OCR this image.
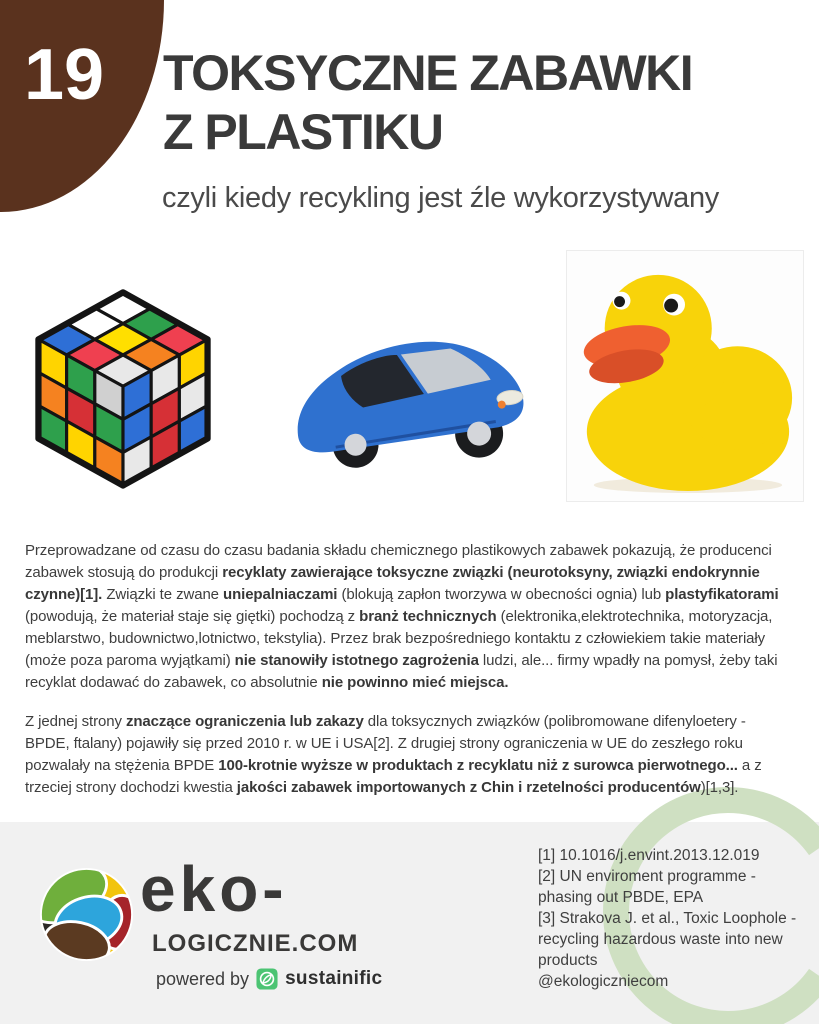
19 TOKSYCZNE ZABAWKI
Z PLASTIKU
czyli kiedy recykling jest źle wykorzystywany

Przeprowadzane od czasu do czasu badania składu chemicznego plastikowych zabawek pokazują, że producenci zabawek stosują do produkcji recyklaty zawierające toksyczne związki (neurotoksyny, związki endokrynnie czynne)[1]. Związki te zwane uniepalniaczami (blokują zapłon tworzywa w obecności ognia) lub plastyfikatorami (powodują, że materiał staje się giętki) pochodzą z branż technicznych (elektronika,elektrotechnika, motoryzacja, meblarstwo, budownictwo,lotnictwo, tekstylia). Przez brak bezpośredniego kontaktu z człowiekiem takie materiały (może poza paroma wyjątkami) nie stanowiły istotnego zagrożenia ludzi, ale... firmy wpadły na pomysł, żeby taki recyklat dodawać do zabawek, co absolutnie nie powinno mieć miejsca.

Z jednej strony znaczące ograniczenia lub zakazy dla toksycznych związków (polibromowane difenyloetery - BPDE, ftalany) pojawiły się przed 2010 r. w UE i USA[2]. Z drugiej strony ograniczenia w UE do zeszłego roku pozwalały na stężenia BPDE 100-krotnie wyższe w produktach z recyklatu niż z surowca pierwotnego... a z trzeciej strony dochodzi kwestia jakości zabawek importowanych z Chin i rzetelności producentów)[1,3].

eko-
LOGICZNIE.COM
powered by sustainific
[1] 10.1016/j.envint.2013.12.019
[2] UN enviroment programme - phasing out PBDE, EPA
[3] Strakova J. et al., Toxic Loophole - recycling hazardous waste into new products
@ekologiczniecom
